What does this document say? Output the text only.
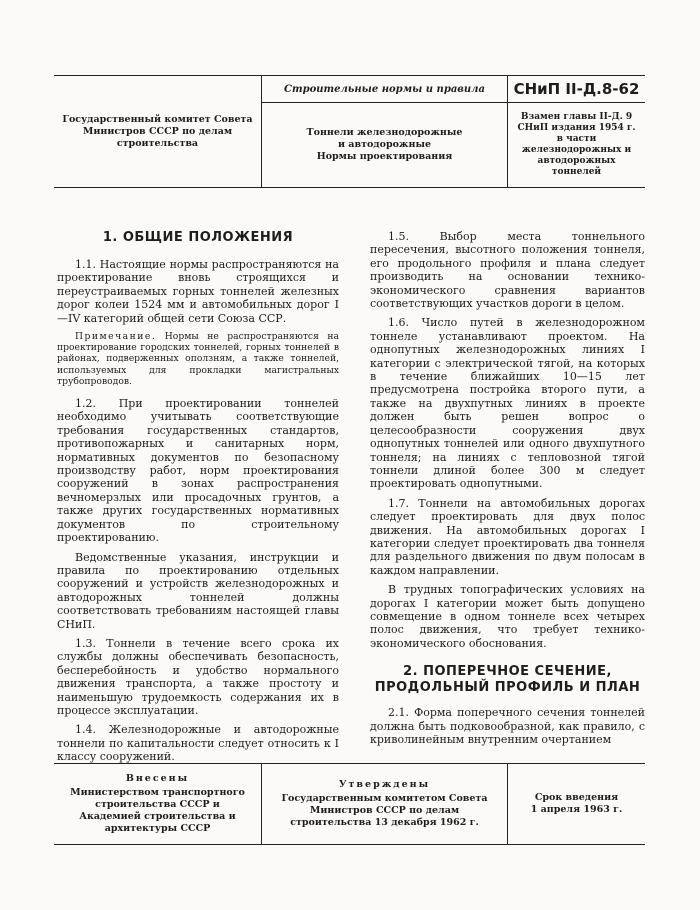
Государственный комитет Совета Министров СССР по делам строительства
Строительные нормы и правила
Тоннели железнодорожные
и автодорожные
Нормы проектирования
СНиП II-Д.8-62
Взамен главы II-Д. 9 СНиП издания 1954 г. в части железнодорожных и автодорожных тоннелей
1. ОБЩИЕ ПОЛОЖЕНИЯ

1.1. Настоящие нормы распространяются на проектирование вновь строящихся и переустраиваемых горных тоннелей железных дорог колеи 1524 мм и автомобильных дорог I—IV категорий общей сети Союза ССР.

Примечание. Нормы не распространяются на проектирование городских тоннелей, горных тоннелей в районах, подверженных оползням, а также тоннелей, используемых для прокладки магистральных трубопроводов.

1.2. При проектировании тоннелей необходимо учитывать соответствующие требования государственных стандартов, противопожарных и санитарных норм, нормативных документов по безопасному производству работ, норм проектирования сооружений в зонах распространения вечномерзлых или просадочных грунтов, а также других государственных нормативных документов по строительному проектированию.

Ведомственные указания, инструкции и правила по проектированию отдельных сооружений и устройств железнодорожных и автодорожных тоннелей должны соответствовать требованиям настоящей главы СНиП.

1.3. Тоннели в течение всего срока их службы должны обеспечивать безопасность, бесперебойность и удобство нормального движения транспорта, а также простоту и наименьшую трудоемкость содержания их в процессе эксплуатации.

1.4. Железнодорожные и автодорожные тоннели по капитальности следует относить к I классу сооружений.

1.5. Выбор места тоннельного пересечения, высотного положения тоннеля, его продольного профиля и плана следует производить на основании технико-экономического сравнения вариантов соответствующих участков дороги в целом.

1.6. Число путей в железнодорожном тоннеле устанавливают проектом. На однопутных железнодорожных линиях I категории с электрической тягой, на которых в течение ближайших 10—15 лет предусмотрена постройка второго пути, а также на двухпутных линиях в проекте должен быть решен вопрос о целесообразности сооружения двух однопутных тоннелей или одного двухпутного тоннеля; на линиях с тепловозной тягой тоннели длиной более 300 м следует проектировать однопутными.

1.7. Тоннели на автомобильных дорогах следует проектировать для двух полос движения. На автомобильных дорогах I категории следует проектировать два тоннеля для раздельного движения по двум полосам в каждом направлении.

В трудных топографических условиях на дорогах I категории может быть допущено совмещение в одном тоннеле всех четырех полос движения, что требует технико-экономического обоснования.

2. ПОПЕРЕЧНОЕ СЕЧЕНИЕ,
ПРОДОЛЬНЫЙ ПРОФИЛЬ И ПЛАН

2.1. Форма поперечного сечения тоннелей должна быть подковообразной, как правило, с криволинейным внутренним очертанием

Внесены
Министерством транспортного строительства СССР и Академией строительства и архитектуры СССР
Утверждены
Государственным комитетом Совета Министров СССР по делам строительства 13 декабря 1962 г.
Срок введения
1 апреля 1963 г.
